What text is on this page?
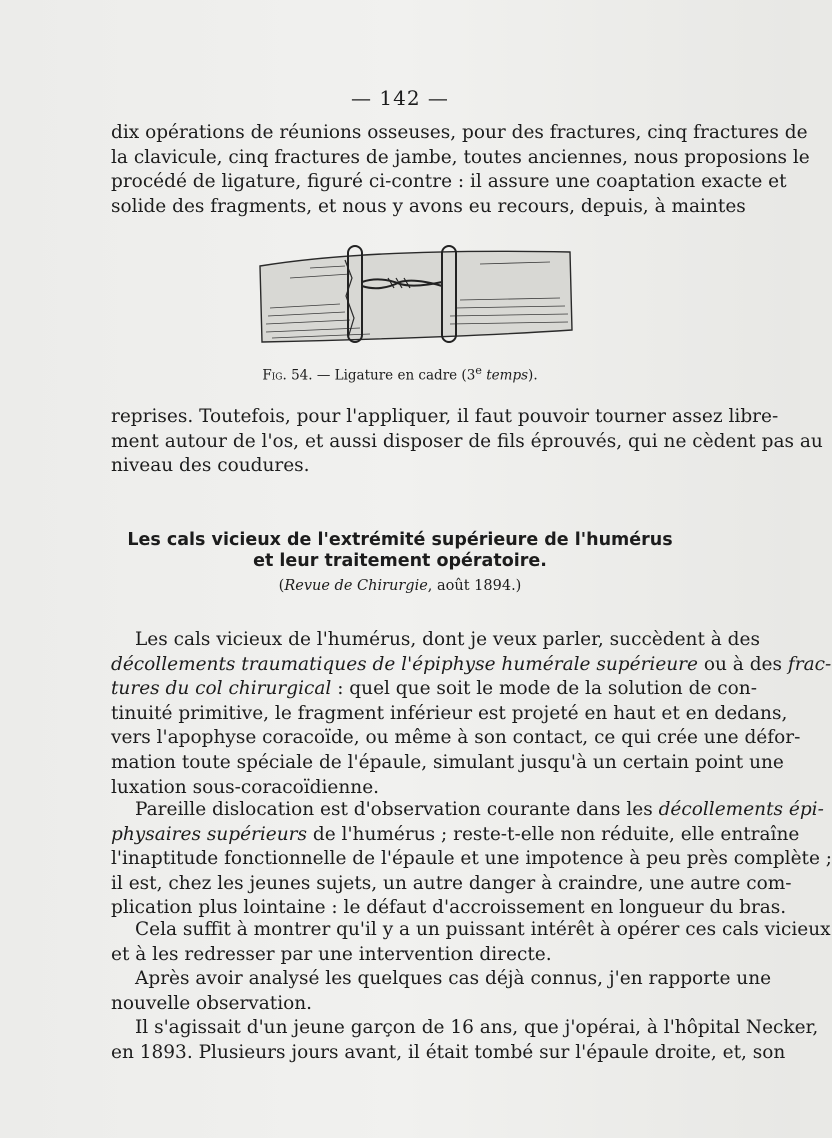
— 142 —

dix opérations de réunions osseuses, pour des fractures, cinq fractures de
la clavicule, cinq fractures de jambe, toutes anciennes, nous proposions le
procédé de ligature, figuré ci-contre : il assure une coaptation exacte et
solide des fragments, et nous y avons eu recours, depuis, à maintes

Fig. 54. — Ligature en cadre (3e temps).

reprises. Toutefois, pour l'appliquer, il faut pouvoir tourner assez libre-
ment autour de l'os, et aussi disposer de fils éprouvés, qui ne cèdent pas au
niveau des coudures.

Les cals vicieux de l'extrémité supérieure de l'humérus
et leur traitement opératoire.
(Revue de Chirurgie, août 1894.)

Les cals vicieux de l'humérus, dont je veux parler, succèdent à des
décollements traumatiques de l'épiphyse humérale supérieure ou à des frac-
tures du col chirurgical : quel que soit le mode de la solution de con-
tinuité primitive, le fragment inférieur est projeté en haut et en dedans,
vers l'apophyse coracoïde, ou même à son contact, ce qui crée une défor-
mation toute spéciale de l'épaule, simulant jusqu'à un certain point une
luxation sous-coracoïdienne.

Pareille dislocation est d'observation courante dans les décollements épi-
physaires supérieurs de l'humérus ; reste-t-elle non réduite, elle entraîne
l'inaptitude fonctionnelle de l'épaule et une impotence à peu près complète ;
il est, chez les jeunes sujets, un autre danger à craindre, une autre com-
plication plus lointaine : le défaut d'accroissement en longueur du bras.

Cela suffit à montrer qu'il y a un puissant intérêt à opérer ces cals vicieux
et à les redresser par une intervention directe.

Après avoir analysé les quelques cas déjà connus, j'en rapporte une
nouvelle observation.

Il s'agissait d'un jeune garçon de 16 ans, que j'opérai, à l'hôpital Necker,
en 1893. Plusieurs jours avant, il était tombé sur l'épaule droite, et, son
